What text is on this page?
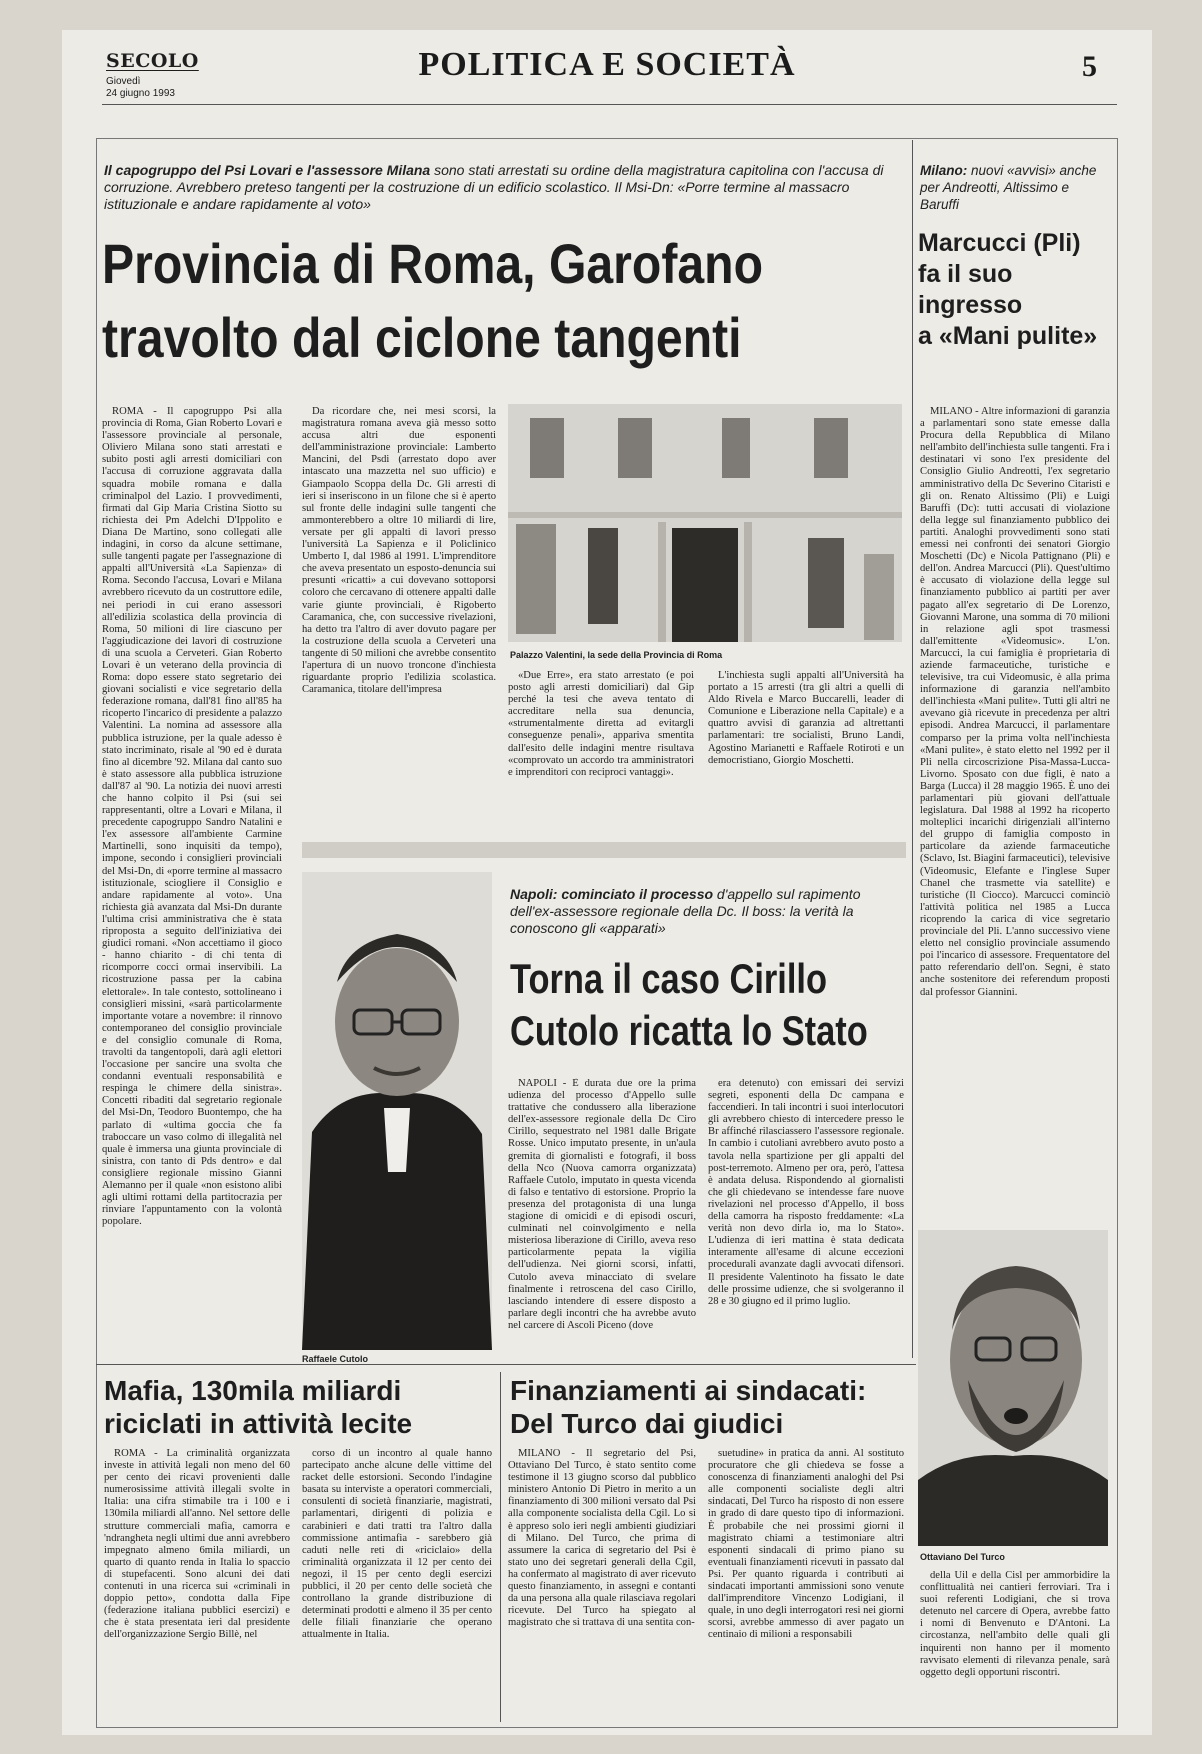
SECOLO
Giovedì
24 giugno 1993
POLITICA E SOCIETÀ	5
Il capogruppo del Psi Lovari e l'assessore Milana sono stati arrestati su ordine della magistratura capitolina con l'accusa di corruzione. Avrebbero preteso tangenti per la costruzione di un edificio scolastico. Il Msi-Dn: «Porre termine al massacro istituzionale e andare rapidamente al voto»
Provincia di Roma, Garofano
travolto dal ciclone tangenti

ROMA - Il capogruppo Psi alla provincia di Roma, Gian Roberto Lovari e l'assessore provinciale al personale, Oliviero Milana sono stati arrestati e subito posti agli arresti domiciliari con l'accusa di corruzione aggravata dalla squadra mobile romana e dalla criminalpol del Lazio. I provvedimenti, firmati dal Gip Maria Cristina Siotto su richiesta dei Pm Adelchi D'Ippolito e Diana De Martino, sono collegati alle indagini, in corso da alcune settimane, sulle tangenti pagate per l'assegnazione di appalti all'Università «La Sapienza» di Roma. Secondo l'accusa, Lovari e Milana avrebbero ricevuto da un costruttore edile, nei periodi in cui erano assessori all'edilizia scolastica della provincia di Roma, 50 milioni di lire ciascuno per l'aggiudicazione dei lavori di costruzione di una scuola a Cerveteri. Gian Roberto Lovari è un veterano della provincia di Roma: dopo essere stato segretario dei giovani socialisti e vice segretario della federazione romana, dall'81 fino all'85 ha ricoperto l'incarico di presidente a palazzo Valentini. La nomina ad assessore alla pubblica istruzione, per la quale adesso è stato incriminato, risale al '90 ed è durata fino al dicembre '92. Milana dal canto suo è stato assessore alla pubblica istruzione dall'87 al '90. La notizia dei nuovi arresti che hanno colpito il Psi (sui sei rappresentanti, oltre a Lovari e Milana, il precedente capogruppo Sandro Natalini e l'ex assessore all'ambiente Carmine Martinelli, sono inquisiti da tempo), impone, secondo i consiglieri provinciali del Msi-Dn, di «porre termine al massacro istituzionale, sciogliere il Consiglio e andare rapidamente al voto». Una richiesta già avanzata dal Msi-Dn durante l'ultima crisi amministrativa che è stata riproposta a seguito dell'iniziativa dei giudici romani. «Non accettiamo il gioco - hanno chiarito - di chi tenta di ricomporre cocci ormai inservibili. La ricostruzione passa per la cabina elettorale». In tale contesto, sottolineano i consiglieri missini, «sarà particolarmente importante votare a novembre: il rinnovo contemporaneo del consiglio provinciale e del consiglio comunale di Roma, travolti da tangentopoli, darà agli elettori l'occasione per sancire una svolta che condanni eventuali responsabilità e respinga le chimere della sinistra». Concetti ribaditi dal segretario regionale del Msi-Dn, Teodoro Buontempo, che ha parlato di «ultima goccia che fa traboccare un vaso colmo di illegalità nel quale è immersa una giunta provinciale di sinistra, con tanto di Pds dentro» e dal consigliere regionale missino Gianni Alemanno per il quale «non esistono alibi agli ultimi rottami della partitocrazia per rinviare l'appuntamento con la volontà popolare.

Da ricordare che, nei mesi scorsi, la magistratura romana aveva già messo sotto accusa altri due esponenti dell'amministrazione provinciale: Lamberto Mancini, del Psdi (arrestato dopo aver intascato una mazzetta nel suo ufficio) e Giampaolo Scoppa della Dc. Gli arresti di ieri si inseriscono in un filone che si è aperto sul fronte delle indagini sulle tangenti che ammonterebbero a oltre 10 miliardi di lire, versate per gli appalti di lavori presso l'università La Sapienza e il Policlinico Umberto I, dal 1986 al 1991. L'imprenditore che aveva presentato un esposto-denuncia sui presunti «ricatti» a cui dovevano sottoporsi coloro che cercavano di ottenere appalti dalle varie giunte provinciali, è Rigoberto Caramanica, che, con successive rivelazioni, ha detto tra l'altro di aver dovuto pagare per la costruzione della scuola a Cerveteri una tangente di 50 milioni che avrebbe consentito l'apertura di un nuovo troncone d'inchiesta riguardante proprio l'edilizia scolastica. Caramanica, titolare dell'impresa

Palazzo Valentini, la sede della Provincia di Roma

«Due Erre», era stato arrestato (e poi posto agli arresti domiciliari) dal Gip perché la tesi che aveva tentato di accreditare nella sua denuncia, «strumentalmente diretta ad evitargli conseguenze penali», appariva smentita dall'esito delle indagini mentre risultava «comprovato un accordo tra amministratori e imprenditori con reciproci vantaggi».

L'inchiesta sugli appalti all'Università ha portato a 15 arresti (tra gli altri a quelli di Aldo Rivela e Marco Buccarelli, leader di Comunione e Liberazione nella Capitale) e a quattro avvisi di garanzia ad altrettanti parlamentari: tre socialisti, Bruno Landi, Agostino Marianetti e Raffaele Rotiroti e un democristiano, Giorgio Moschetti.

Milano: nuovi «avvisi» anche per Andreotti, Altissimo e Baruffi
Marcucci (Pli)
fa il suo
ingresso
a «Mani pulite»

MILANO - Altre informazioni di garanzia a parlamentari sono state emesse dalla Procura della Repubblica di Milano nell'ambito dell'inchiesta sulle tangenti. Fra i destinatari vi sono l'ex presidente del Consiglio Giulio Andreotti, l'ex segretario amministrativo della Dc Severino Citaristi e gli on. Renato Altissimo (Pli) e Luigi Baruffi (Dc): tutti accusati di violazione della legge sul finanziamento pubblico dei partiti. Analoghi provvedimenti sono stati emessi nei confronti dei senatori Giorgio Moschetti (Dc) e Nicola Pattignano (Pli) e dell'on. Andrea Marcucci (Pli). Quest'ultimo è accusato di violazione della legge sul finanziamento pubblico ai partiti per aver pagato all'ex segretario di De Lorenzo, Giovanni Marone, una somma di 70 milioni in relazione agli spot trasmessi dall'emittente «Videomusic». L'on. Marcucci, la cui famiglia è proprietaria di aziende farmaceutiche, turistiche e televisive, tra cui Videomusic, è alla prima informazione di garanzia nell'ambito dell'inchiesta «Mani pulite». Tutti gli altri ne avevano già ricevute in precedenza per altri episodi. Andrea Marcucci, il parlamentare comparso per la prima volta nell'inchiesta «Mani pulite», è stato eletto nel 1992 per il Pli nella circoscrizione Pisa-Massa-Lucca-Livorno. Sposato con due figli, è nato a Barga (Lucca) il 28 maggio 1965. È uno dei parlamentari più giovani dell'attuale legislatura. Dal 1988 al 1992 ha ricoperto molteplici incarichi dirigenziali all'interno del gruppo di famiglia composto in particolare da aziende farmaceutiche (Sclavo, Ist. Biagini farmaceutici), televisive (Videomusic, Elefante e l'inglese Super Chanel che trasmette via satellite) e turistiche (Il Ciocco). Marcucci cominciò l'attività politica nel 1985 a Lucca ricoprendo la carica di vice segretario provinciale del Pli. L'anno successivo viene eletto nel consiglio provinciale assumendo poi l'incarico di assessore. Frequentatore del patto referendario dell'on. Segni, è stato anche sostenitore dei referendum proposti dal professor Giannini.

Raffaele Cutolo
Napoli: cominciato il processo d'appello sul rapimento dell'ex-assessore regionale della Dc. Il boss: la verità la conoscono gli «apparati»
Torna il caso Cirillo
Cutolo ricatta lo Stato

NAPOLI - È durata due ore la prima udienza del processo d'Appello sulle trattative che condussero alla liberazione dell'ex-assessore regionale della Dc Ciro Cirillo, sequestrato nel 1981 dalle Brigate Rosse. Unico imputato presente, in un'aula gremita di giornalisti e fotografi, il boss della Nco (Nuova camorra organizzata) Raffaele Cutolo, imputato in questa vicenda di falso e tentativo di estorsione. Proprio la presenza del protagonista di una lunga stagione di omicidi e di episodi oscuri, culminati nel coinvolgimento e nella misteriosa liberazione di Cirillo, aveva reso particolarmente pepata la vigilia dell'udienza. Nei giorni scorsi, infatti, Cutolo aveva minacciato di svelare finalmente i retroscena del caso Cirillo, lasciando intendere di essere disposto a parlare degli incontri che ha avrebbe avuto nel carcere di Ascoli Piceno (dove

era detenuto) con emissari dei servizi segreti, esponenti della Dc campana e faccendieri. In tali incontri i suoi interlocutori gli avrebbero chiesto di intercedere presso le Br affinché rilasciassero l'assessore regionale. In cambio i cutoliani avrebbero avuto posto a tavola nella spartizione per gli appalti del post-terremoto. Almeno per ora, però, l'attesa è andata delusa. Rispondendo al giornalisti che gli chiedevano se intendesse fare nuove rivelazioni nel processo d'Appello, il boss della camorra ha risposto freddamente: «La verità non devo dirla io, ma lo Stato». L'udienza di ieri mattina è stata dedicata interamente all'esame di alcune eccezioni procedurali avanzate dagli avvocati difensori. Il presidente Valentinoto ha fissato le date delle prossime udienze, che si svolgeranno il 28 e 30 giugno ed il primo luglio.

Mafia, 130mila miliardi
riciclati in attività lecite

ROMA - La criminalità organizzata investe in attività legali non meno del 60 per cento dei ricavi provenienti dalle numerosissime attività illegali svolte in Italia: una cifra stimabile tra i 100 e i 130mila miliardi all'anno. Nel settore delle strutture commerciali mafia, camorra e 'ndrangheta negli ultimi due anni avrebbero impegnato almeno 6mila miliardi, un quarto di quanto renda in Italia lo spaccio di stupefacenti. Sono alcuni dei dati contenuti in una ricerca sui «criminali in doppio petto», condotta dalla Fipe (federazione italiana pubblici esercizi) e che è stata presentata ieri dal presidente dell'organizzazione Sergio Billè, nel

corso di un incontro al quale hanno partecipato anche alcune delle vittime del racket delle estorsioni. Secondo l'indagine basata su interviste a operatori commerciali, consulenti di società finanziarie, magistrati, parlamentari, dirigenti di polizia e carabinieri e dati tratti tra l'altro dalla commissione antimafia - sarebbero già caduti nelle reti di «riciclaio» della criminalità organizzata il 12 per cento dei negozi, il 15 per cento degli esercizi pubblici, il 20 per cento delle società che controllano la grande distribuzione di determinati prodotti e almeno il 35 per cento delle filiali finanziarie che operano attualmente in Italia.

Finanziamenti ai sindacati:
Del Turco dai giudici

MILANO - Il segretario del Psi, Ottaviano Del Turco, è stato sentito come testimone il 13 giugno scorso dal pubblico ministero Antonio Di Pietro in merito a un finanziamento di 300 milioni versato dal Psi alla componente socialista della Cgil. Lo si è appreso solo ieri negli ambienti giudiziari di Milano. Del Turco, che prima di assumere la carica di segretario del Psi è stato uno dei segretari generali della Cgil, ha confermato al magistrato di aver ricevuto questo finanziamento, in assegni e contanti da una persona alla quale rilasciava regolari ricevute. Del Turco ha spiegato al magistrato che si trattava di una sentita con-

suetudine» in pratica da anni. Al sostituto procuratore che gli chiedeva se fosse a conoscenza di finanziamenti analoghi del Psi alle componenti socialiste degli altri sindacati, Del Turco ha risposto di non essere in grado di dare questo tipo di informazioni. È probabile che nei prossimi giorni il magistrato chiami a testimoniare altri esponenti sindacali di primo piano su eventuali finanziamenti ricevuti in passato dal Psi. Per quanto riguarda i contributi ai sindacati importanti ammissioni sono venute dall'imprenditore Vincenzo Lodigiani, il quale, in uno degli interrogatori resi nei giorni scorsi, avrebbe ammesso di aver pagato un centinaio di milioni a responsabili

Ottaviano Del Turco

della Uil e della Cisl per ammorbidire la conflittualità nei cantieri ferroviari. Tra i suoi referenti Lodigiani, che si trova detenuto nel carcere di Opera, avrebbe fatto i nomi di Benvenuto e D'Antoni. La circostanza, nell'ambito delle quali gli inquirenti non hanno per il momento ravvisato elementi di rilevanza penale, sarà oggetto degli opportuni riscontri.
